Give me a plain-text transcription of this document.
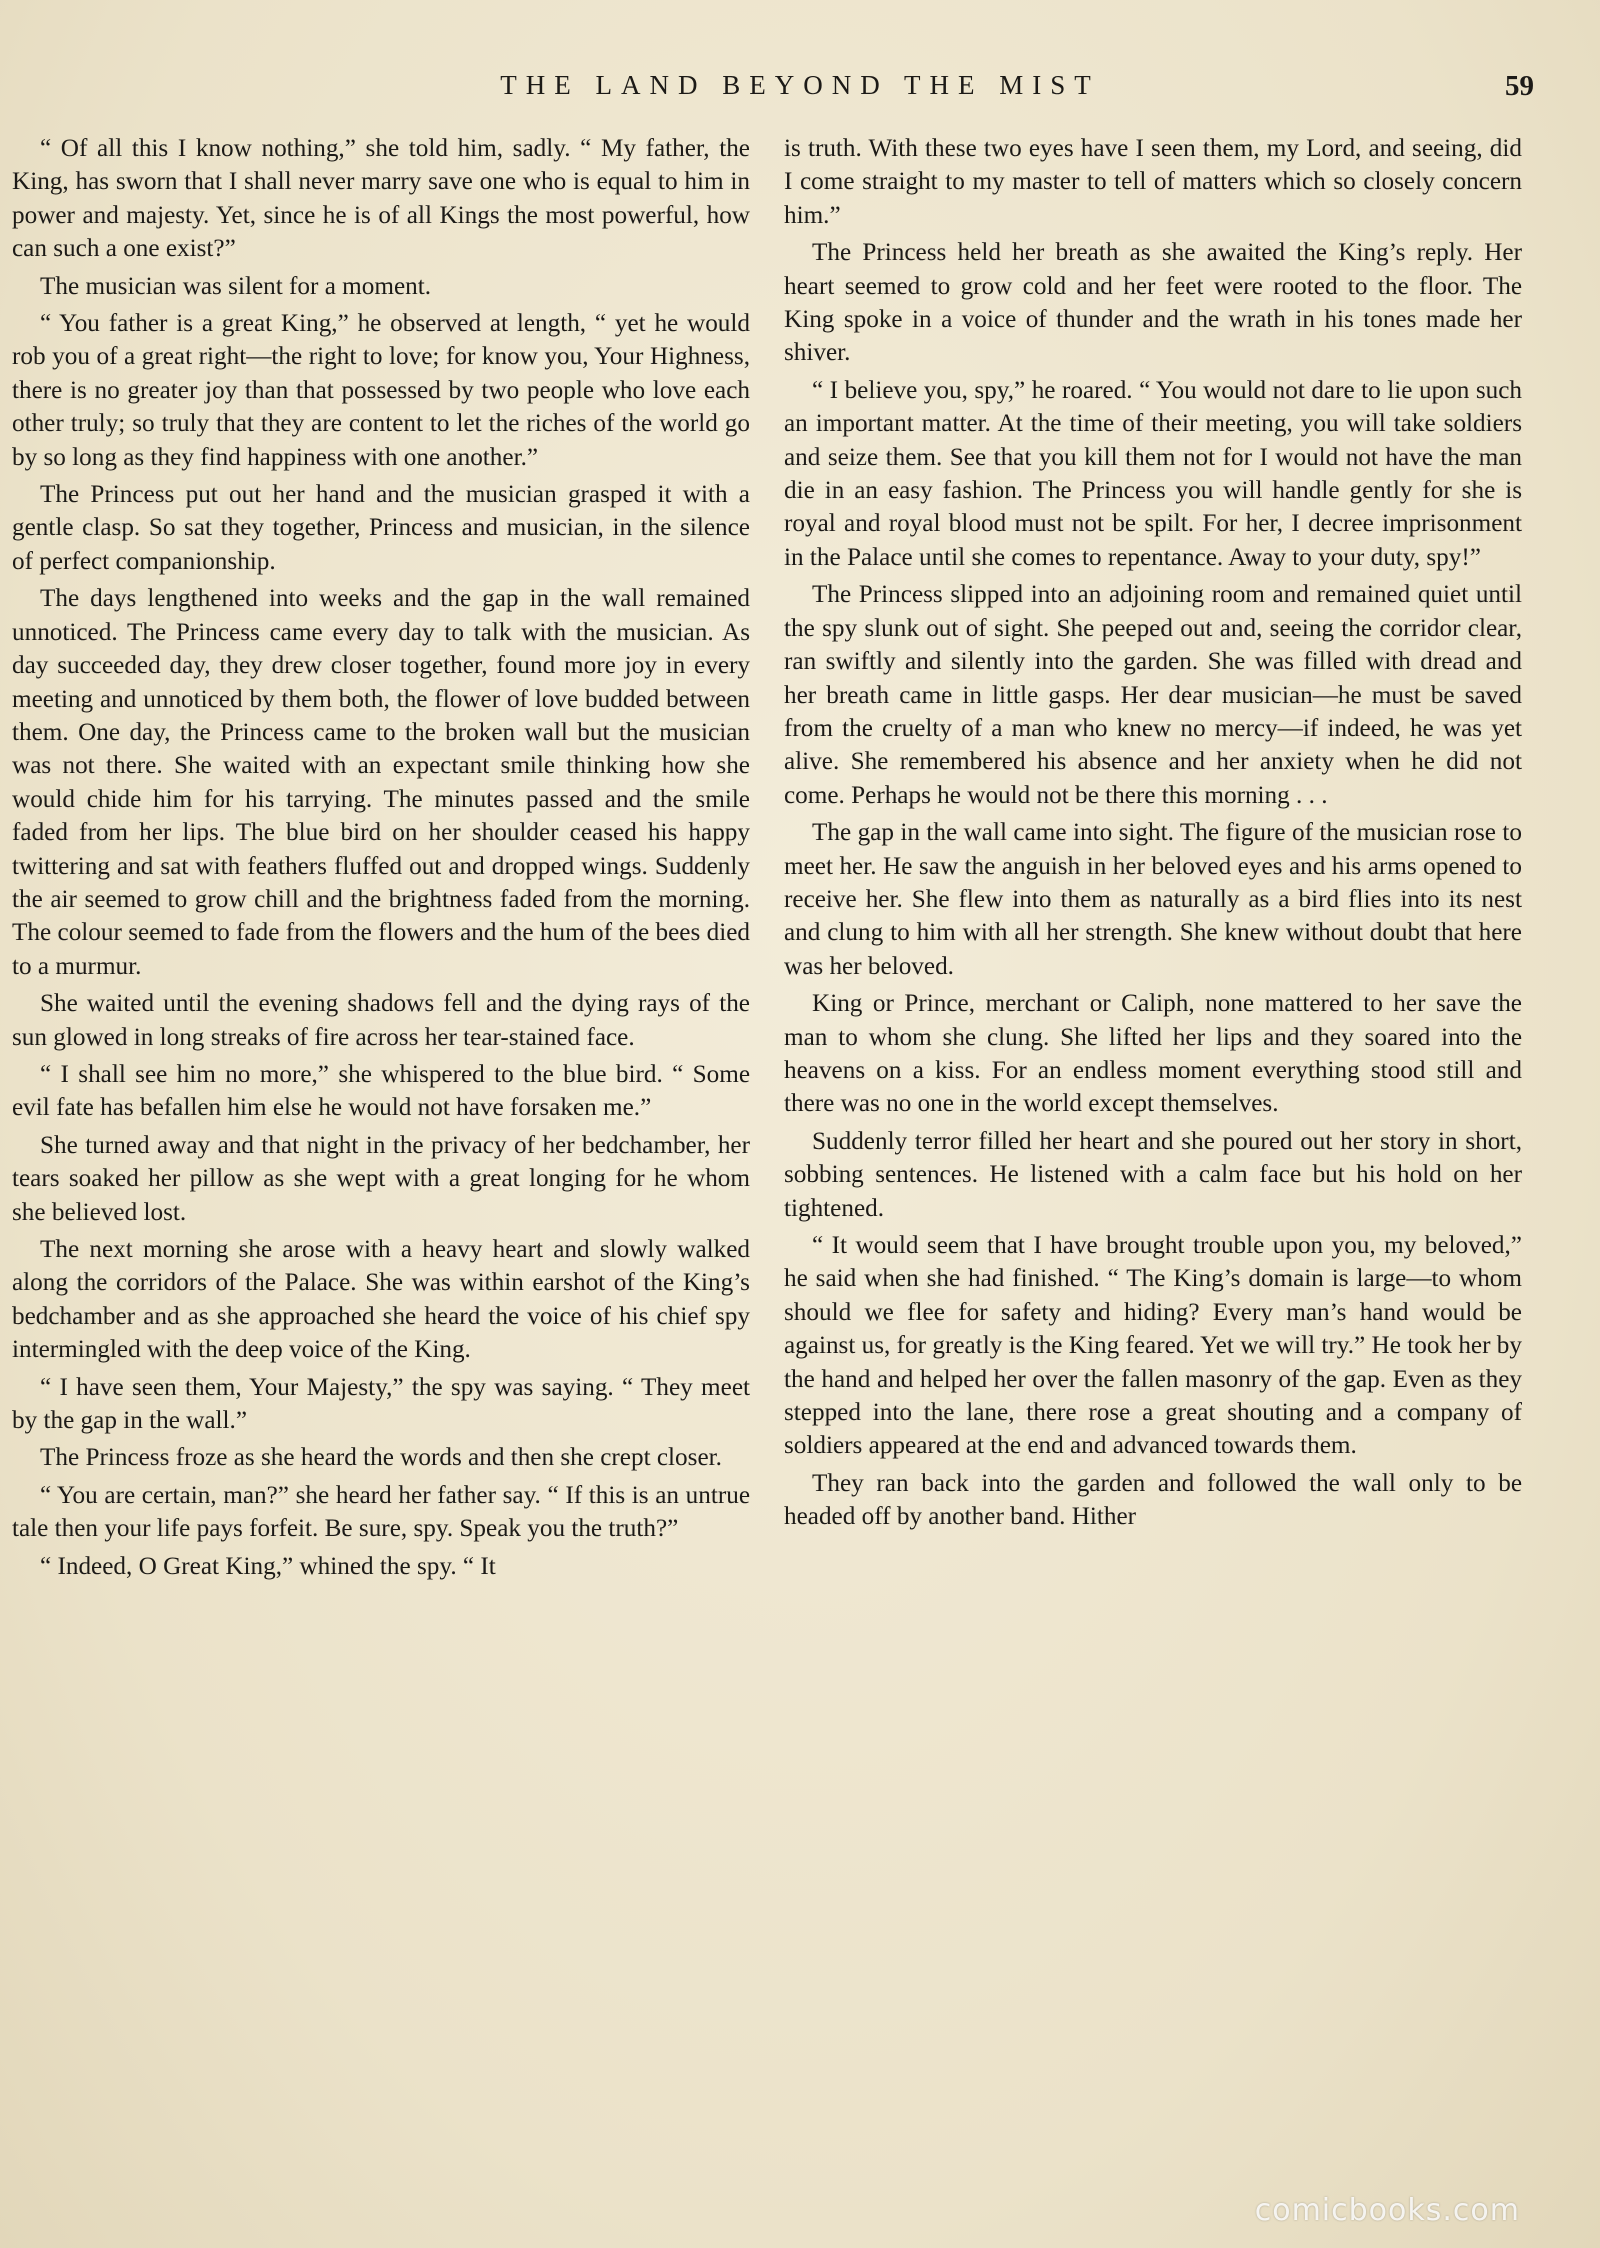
THE LAND BEYOND THE MIST	59

“ Of all this I know nothing,” she told him, sadly. “ My father, the King, has sworn that I shall never marry save one who is equal to him in power and majesty. Yet, since he is of all Kings the most powerful, how can such a one exist?”

The musician was silent for a moment.

“ You father is a great King,” he observed at length, “ yet he would rob you of a great right—the right to love; for know you, Your Highness, there is no greater joy than that possessed by two people who love each other truly; so truly that they are content to let the riches of the world go by so long as they find happiness with one another.”

The Princess put out her hand and the musician grasped it with a gentle clasp. So sat they together, Princess and musician, in the silence of perfect companionship.

The days lengthened into weeks and the gap in the wall remained unnoticed. The Princess came every day to talk with the musician. As day succeeded day, they drew closer together, found more joy in every meeting and unnoticed by them both, the flower of love budded between them. One day, the Princess came to the broken wall but the musician was not there. She waited with an expectant smile thinking how she would chide him for his tarrying. The minutes passed and the smile faded from her lips. The blue bird on her shoulder ceased his happy twittering and sat with feathers fluffed out and dropped wings. Suddenly the air seemed to grow chill and the brightness faded from the morning. The colour seemed to fade from the flowers and the hum of the bees died to a murmur.

She waited until the evening shadows fell and the dying rays of the sun glowed in long streaks of fire across her tear-stained face.

“ I shall see him no more,” she whispered to the blue bird. “ Some evil fate has befallen him else he would not have forsaken me.”

She turned away and that night in the privacy of her bedchamber, her tears soaked her pillow as she wept with a great longing for he whom she believed lost.

The next morning she arose with a heavy heart and slowly walked along the corridors of the Palace. She was within earshot of the King’s bedchamber and as she approached she heard the voice of his chief spy intermingled with the deep voice of the King.

“ I have seen them, Your Majesty,” the spy was saying. “ They meet by the gap in the wall.”

The Princess froze as she heard the words and then she crept closer.

“ You are certain, man?” she heard her father say. “ If this is an untrue tale then your life pays forfeit. Be sure, spy. Speak you the truth?”

“ Indeed, O Great King,” whined the spy. “ It

is truth. With these two eyes have I seen them, my Lord, and seeing, did I come straight to my master to tell of matters which so closely concern him.”

The Princess held her breath as she awaited the King’s reply. Her heart seemed to grow cold and her feet were rooted to the floor. The King spoke in a voice of thunder and the wrath in his tones made her shiver.

“ I believe you, spy,” he roared. “ You would not dare to lie upon such an important matter. At the time of their meeting, you will take soldiers and seize them. See that you kill them not for I would not have the man die in an easy fashion. The Princess you will handle gently for she is royal and royal blood must not be spilt. For her, I decree imprisonment in the Palace until she comes to repentance. Away to your duty, spy!”

The Princess slipped into an adjoining room and remained quiet until the spy slunk out of sight. She peeped out and, seeing the corridor clear, ran swiftly and silently into the garden. She was filled with dread and her breath came in little gasps. Her dear musician—he must be saved from the cruelty of a man who knew no mercy—if indeed, he was yet alive. She remembered his absence and her anxiety when he did not come. Perhaps he would not be there this morning . . .

The gap in the wall came into sight. The figure of the musician rose to meet her. He saw the anguish in her beloved eyes and his arms opened to receive her. She flew into them as naturally as a bird flies into its nest and clung to him with all her strength. She knew without doubt that here was her beloved.

King or Prince, merchant or Caliph, none mattered to her save the man to whom she clung. She lifted her lips and they soared into the heavens on a kiss. For an endless moment everything stood still and there was no one in the world except themselves.

Suddenly terror filled her heart and she poured out her story in short, sobbing sentences. He listened with a calm face but his hold on her tightened.

“ It would seem that I have brought trouble upon you, my beloved,” he said when she had finished. “ The King’s domain is large—to whom should we flee for safety and hiding? Every man’s hand would be against us, for greatly is the King feared. Yet we will try.” He took her by the hand and helped her over the fallen masonry of the gap. Even as they stepped into the lane, there rose a great shouting and a company of soldiers appeared at the end and advanced towards them.

They ran back into the garden and followed the wall only to be headed off by another band. Hither

comicbooks.com
